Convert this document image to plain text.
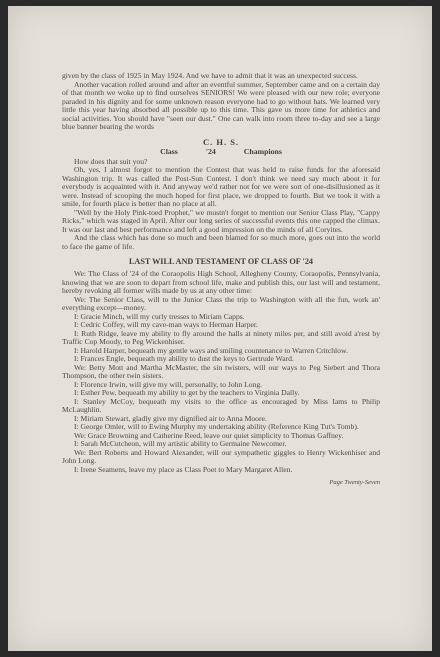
given by the class of 1925 in May 1924. And we have to admit that it was an unexpected success.

Another vacation rolled around and after an eventful summer, September came and on a certain day of that month we woke up to find ourselves SENIORS! We were pleased with our new role; everyone paraded in his dignity and for some unknown reason everyone had to go without hats. We learned very little this year having absorbed all possible up to this time. This gave us more time for athletics and social activities. You should have "seen our dust." One can walk into room three to-day and see a large blue banner bearing the words

C. H. S.
Class	'24	Champions

How does that suit you?

Oh, yes, I almost forgot to mention the Contest that was held to raise funds for the aforesaid Washington trip. It was called the Post-Sun Contest. I don't think we need say much about it for everybody is acquainted with it. And anyway we'd rather not for we were sort of one-disillusioned as it were. Instead of scooping the much hoped for first place, we dropped to fourth. But we took it with a smile, for fourth place is better than no place at all.

"Well by the Holy Pink-toed Prophet," we mustn't forget to mention our Senior Class Play, "Cappy Ricks," which was staged in April. After our long series of successful events this one capped the climax. It was our last and best performance and left a good impression on the minds of all Coryites.

And the class which has done so much and been blamed for so much more, goes out into the world to face the game of life.

LAST WILL AND TESTAMENT OF CLASS OF '24

We: The Class of '24 of the Coraopolis High School, Allegheny County, Coraopolis, Pennsylvania, knowing that we are soon to depart from school life, make and publish this, our last will and testament, hereby revoking all former wills made by us at any other time:

We: The Senior Class, will to the Junior Class the trip to Washington with all the fun, work an' everything except—money.

I: Gracie Minch, will my curly tresses to Miriam Capps.

I: Cedric Coffey, will my cave-man ways to Herman Harper.

I: Ruth Ridge, leave my ability to fly around the halls at ninety miles per, and still avoid a'rest by Traffic Cop Moody, to Peg Wickenhiser.

I: Harold Harper, bequeath my gentle ways and smiling countenance to Warren Critchlow.

I: Frances Engle, bequeath my ability to dust the keys to Gertrude Ward.

We: Betty Mott and Martha McMaster, the sin twisters, will our ways to Peg Siebert and Thora Thompson, the other twin sisters.

I: Florence Irwin, will give my will, personally, to John Long.

I: Esther Pew, bequeath my ability to get by the teachers to Virginia Dally.

I: Stanley McCoy, bequeath my visits to the office as encouraged by Miss Iams to Philip McLaughlin.

I: Miriam Stewart, gladly give my dignified air to Anna Moore.

I: George Omler, will to Ewing Murphy my undertaking ability (Reference King Tut's Tomb).

We: Grace Browning and Catherine Reed, leave our quiet simplicity to Thomas Gaffney.

I: Sarah McCutcheon, will my artistic ability to Germaine Newcomer.

We: Bert Roberts and Howard Alexander, will our sympathetic giggles to Henry Wickenhiser and John Long.

I: Irene Seamens, leave my place as Class Poet to Mary Margaret Allen.

Page Twenty-Seven
